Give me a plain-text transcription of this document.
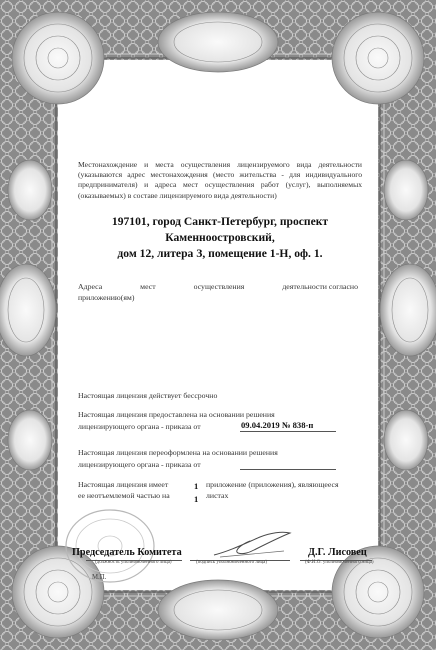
Местонахождение и места осуществления лицензируемого вида деятельности (указываются адрес местонахождения (место жительства - для индивидуального предпринимателя) и адреса мест осуществления работ (услуг), выполняемых (оказываемых) в составе лицензируемого вида деятельности)
197101, город Санкт-Петербург, проспект Каменноостровский,
дом 12, литера З, помещение 1-Н, оф. 1.
Адреса	мест	осуществления	деятельности согласно
приложению(ям)
Настоящая лицензия действует бессрочно
Настоящая лицензия предоставлена на основании решения
лицензирующего органа - приказа от	09.04.2019 № 838-п
Настоящая лицензия переоформлена на основании решения
лицензирующего органа - приказа от
Настоящая лицензия имеет
ее неотъемлемой частью на
1
1
приложение (приложения), являющееся
листах
Председатель Комитета
(должность уполномоченного лица)	(подпись уполномоченного лица)
Д.Г. Лисовец
(Ф.И.О. уполномоченного лица)
М.П.
